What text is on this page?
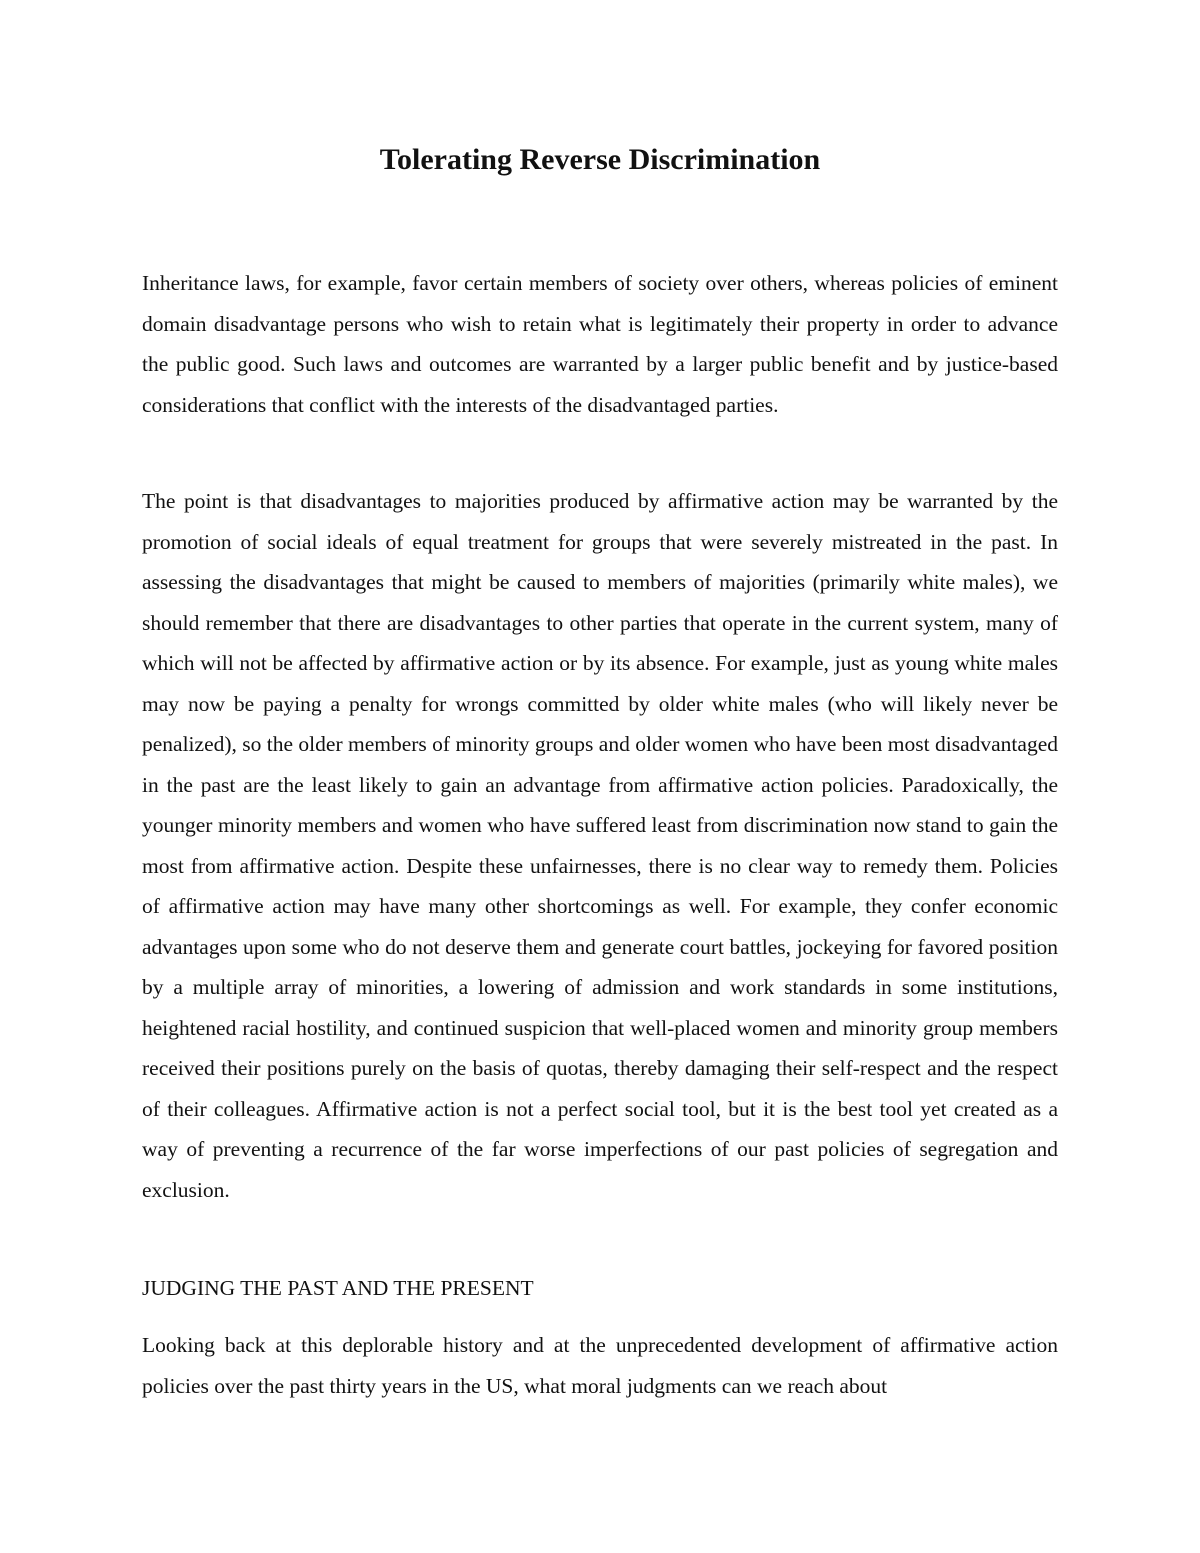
Tolerating Reverse Discrimination

Inheritance laws, for example, favor certain members of society over others, whereas policies of eminent domain disadvantage persons who wish to retain what is legitimately their property in order to advance the public good. Such laws and outcomes are warranted by a larger public benefit and by justice-based considerations that conflict with the interests of the disadvantaged parties.

The point is that disadvantages to majorities produced by affirmative action may be warranted by the promotion of social ideals of equal treatment for groups that were severely mistreated in the past. In assessing the disadvantages that might be caused to members of majorities (primarily white males), we should remember that there are disadvantages to other parties that operate in the current system, many of which will not be affected by affirmative action or by its absence. For example, just as young white males may now be paying a penalty for wrongs committed by older white males (who will likely never be penalized), so the older members of minority groups and older women who have been most disadvantaged in the past are the least likely to gain an advantage from affirmative action policies. Paradoxically, the younger minority members and women who have suffered least from discrimination now stand to gain the most from affirmative action. Despite these unfairnesses, there is no clear way to remedy them. Policies of affirmative action may have many other shortcomings as well. For example, they confer economic advantages upon some who do not deserve them and generate court battles, jockeying for favored position by a multiple array of minorities, a lowering of admission and work standards in some institutions, heightened racial hostility, and continued suspicion that well-placed women and minority group members received their positions purely on the basis of quotas, thereby damaging their self-respect and the respect of their colleagues. Affirmative action is not a perfect social tool, but it is the best tool yet created as a way of preventing a recurrence of the far worse imperfections of our past policies of segregation and exclusion.

JUDGING THE PAST AND THE PRESENT

Looking back at this deplorable history and at the unprecedented development of affirmative action policies over the past thirty years in the US, what moral judgments can we reach about
